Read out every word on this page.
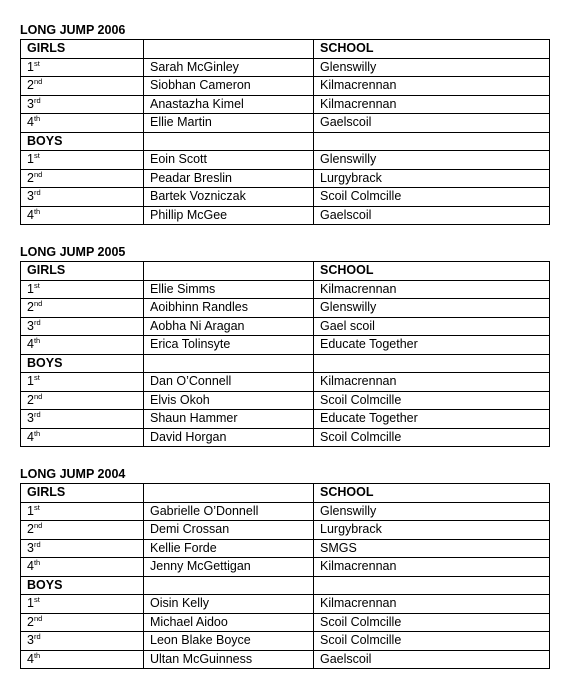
LONG JUMP 2006
GIRLS		SCHOOL
1st	Sarah McGinley	Glenswilly
2nd	Siobhan Cameron	Kilmacrennan
3rd	Anastazha Kimel	Kilmacrennan
4th	Ellie Martin	Gaelscoil
BOYS		
1st	Eoin Scott	Glenswilly
2nd	Peadar Breslin	Lurgybrack
3rd	Bartek Vozniczak	Scoil Colmcille
4th	Phillip McGee	Gaelscoil
LONG JUMP 2005
GIRLS		SCHOOL
1st	Ellie Simms	Kilmacrennan
2nd	Aoibhinn Randles	Glenswilly
3rd	Aobha Ni Aragan	Gael scoil
4th	Erica Tolinsyte	Educate Together
BOYS		
1st	Dan O’Connell	Kilmacrennan
2nd	Elvis Okoh	Scoil Colmcille
3rd	Shaun Hammer	Educate Together
4th	David Horgan	Scoil Colmcille
LONG JUMP 2004
GIRLS		SCHOOL
1st	Gabrielle O’Donnell	Glenswilly
2nd	Demi Crossan	Lurgybrack
3rd	Kellie Forde	SMGS
4th	Jenny McGettigan	Kilmacrennan
BOYS		
1st	Oisin Kelly	Kilmacrennan
2nd	Michael Aidoo	Scoil Colmcille
3rd	Leon Blake Boyce	Scoil Colmcille
4th	Ultan McGuinness	Gaelscoil
